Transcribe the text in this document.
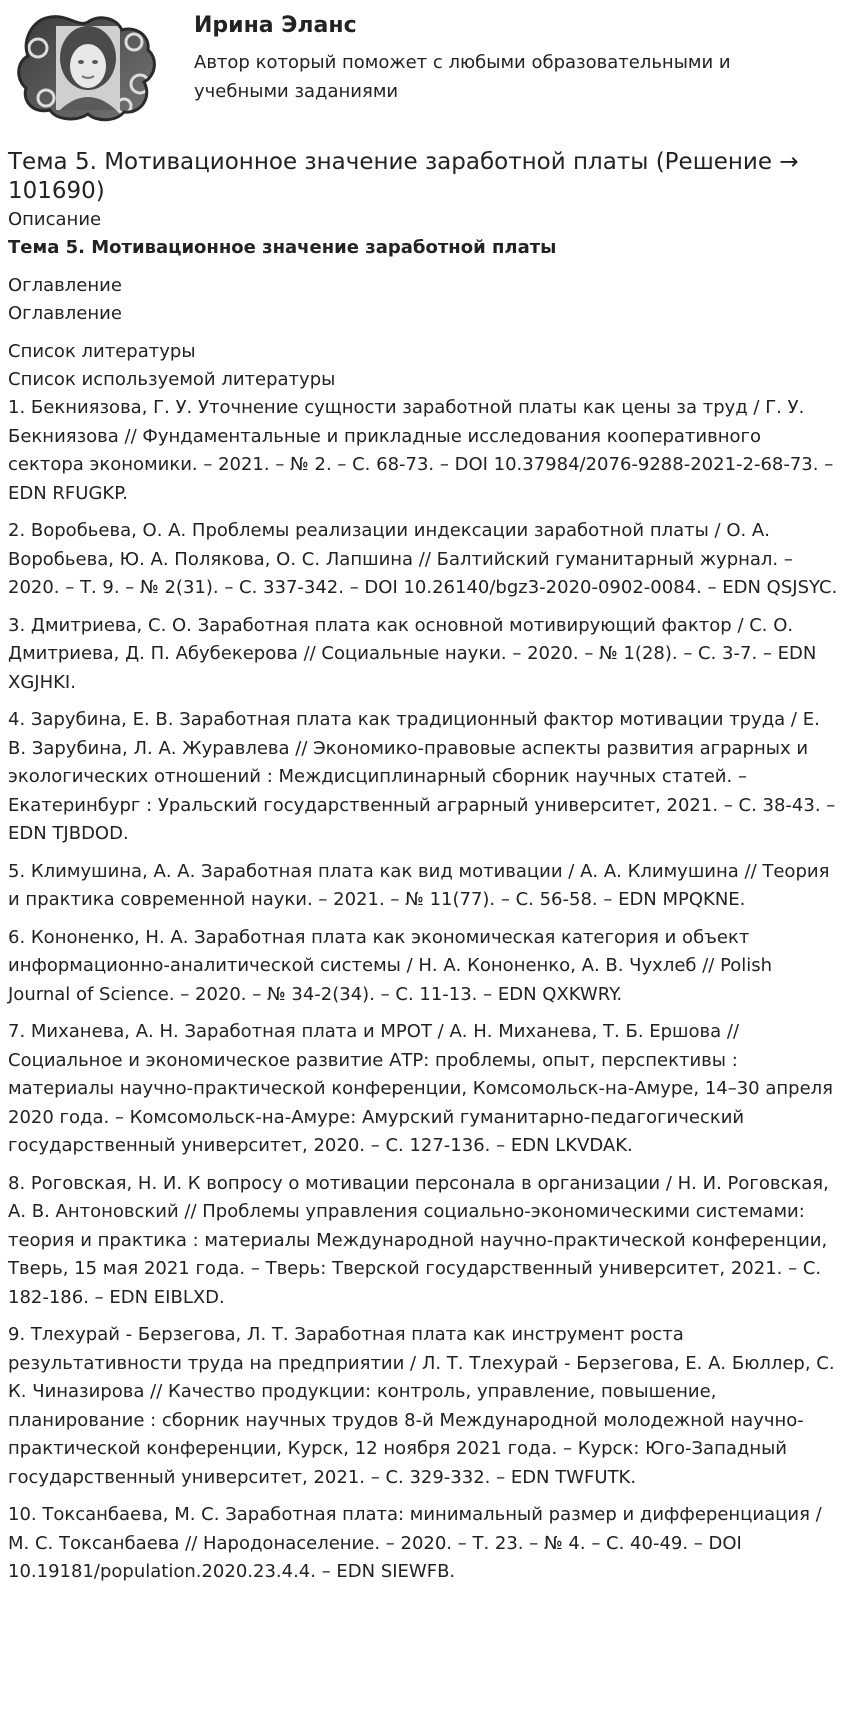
Ирина Эланс
Автор который поможет с любыми образовательными и учебными заданиями
Тема 5. Мотивационное значение заработной платы (Решение → 101690)
Описание
Тема 5. Мотивационное значение заработной платы
Оглавление
Оглавление
Список литературы
Список используемой литературы
1. Бекниязова, Г. У. Уточнение сущности заработной платы как цены за труд / Г. У. Бекниязова // Фундаментальные и прикладные исследования кооперативного сектора экономики. – 2021. – № 2. – С. 68-73. – DOI 10.37984/2076-9288-2021-2-68-73. – EDN RFUGKP.
2. Воробьева, О. А. Проблемы реализации индексации заработной платы / О. А. Воробьева, Ю. А. Полякова, О. С. Лапшина // Балтийский гуманитарный журнал. – 2020. – Т. 9. – № 2(31). – С. 337-342. – DOI 10.26140/bgz3-2020-0902-0084. – EDN QSJSYC.
3. Дмитриева, С. О. Заработная плата как основной мотивирующий фактор / С. О. Дмитриева, Д. П. Абубекерова // Социальные науки. – 2020. – № 1(28). – С. 3-7. – EDN XGJHKI.
4. Зарубина, Е. В. Заработная плата как традиционный фактор мотивации труда / Е. В. Зарубина, Л. А. Журавлева // Экономико-правовые аспекты развития аграрных и экологических отношений : Междисциплинарный сборник научных статей. – Екатеринбург : Уральский государственный аграрный университет, 2021. – С. 38-43. – EDN TJBDOD.
5. Климушина, А. А. Заработная плата как вид мотивации / А. А. Климушина // Теория и практика современной науки. – 2021. – № 11(77). – С. 56-58. – EDN MPQKNE.
6. Кононенко, Н. А. Заработная плата как экономическая категория и объект информационно-аналитической системы / Н. А. Кононенко, А. В. Чухлеб // Polish Journal of Science. – 2020. – № 34-2(34). – С. 11-13. – EDN QXKWRY.
7. Миханева, А. Н. Заработная плата и МРОТ / А. Н. Миханева, Т. Б. Ершова // Социальное и экономическое развитие АТР: проблемы, опыт, перспективы : материалы научно-практической конференции, Комсомольск-на-Амуре, 14–30 апреля 2020 года. – Комсомольск-на-Амуре: Амурский гуманитарно-педагогический государственный университет, 2020. – С. 127-136. – EDN LKVDAK.
8. Роговская, Н. И. К вопросу о мотивации персонала в организации / Н. И. Роговская, А. В. Антоновский // Проблемы управления социально-экономическими системами: теория и практика : материалы Международной научно-практической конференции, Тверь, 15 мая 2021 года. – Тверь: Тверской государственный университет, 2021. – С. 182-186. – EDN EIBLXD.
9. Тлехурай - Берзегова, Л. Т. Заработная плата как инструмент роста результативности труда на предприятии / Л. Т. Тлехурай - Берзегова, Е. А. Бюллер, С. К. Чиназирова // Качество продукции: контроль, управление, повышение, планирование : сборник научных трудов 8-й Международной молодежной научно-практической конференции, Курск, 12 ноября 2021 года. – Курск: Юго-Западный государственный университет, 2021. – С. 329-332. – EDN TWFUTK.
10. Токсанбаева, М. С. Заработная плата: минимальный размер и дифференциация / М. С. Токсанбаева // Народонаселение. – 2020. – Т. 23. – № 4. – С. 40-49. – DOI 10.19181/population.2020.23.4.4. – EDN SIEWFB.
